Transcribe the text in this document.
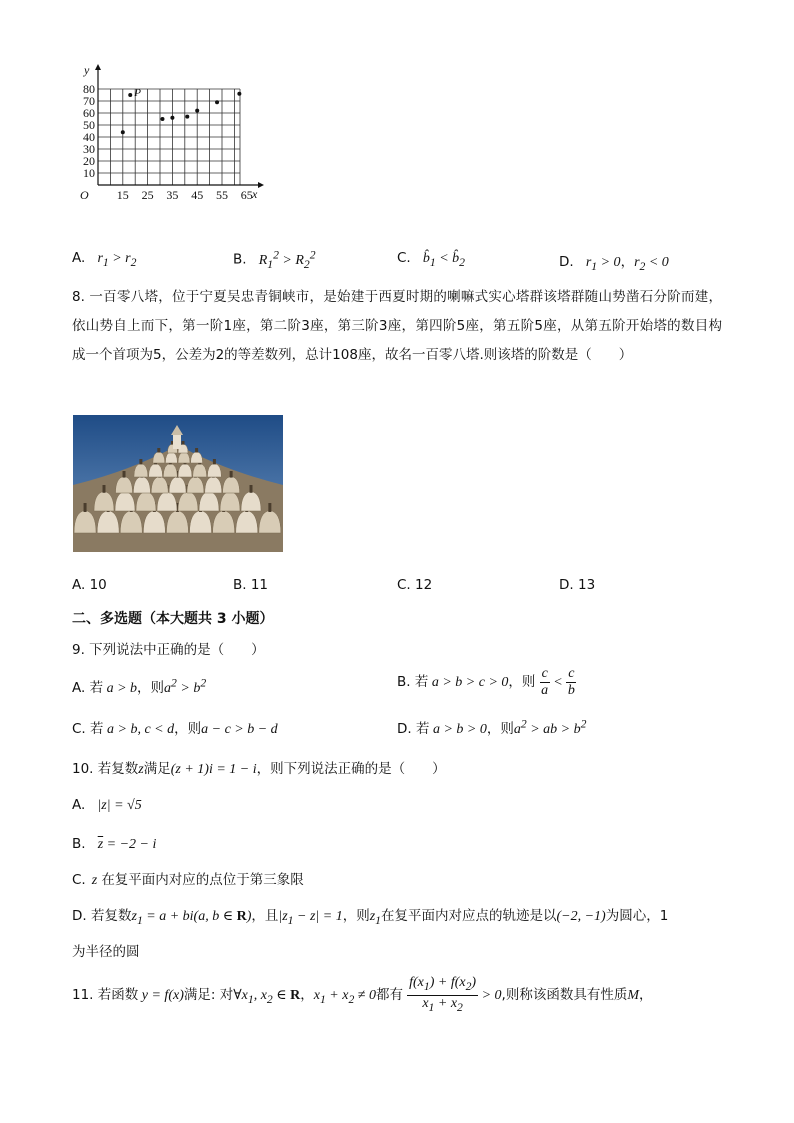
10
20
30
40
50
60
70
80
15 25 35 45 55 65 x
y
O
P
A. $r_1 > r_2$	B. $R_1^2 > R_2^2$	C. $b̂_1$ < $b̂_2$	D. $r_1 > 0$，$r_2 < 0$
8. 一百零八塔，位于宁夏吴忠青铜峡市，是始建于西夏时期的喇嘛式实心塔群该塔群随山势凿石分阶而建，依山势自上而下，第一阶1座，第二阶3座，第三阶3座，第四阶5座，第五阶5座，从第五阶开始塔的数目构成一个首项为5，公差为2的等差数列，总计108座，故名一百零八塔.则该塔的阶数是（　　）
A. 10	B. 11	C. 12	D. 13
二、多选题（本大题共 3 小题）
9. 下列说法中正确的是（　　）
A. 若 a > b，则$a^2 > b^2$	B. 若 a > b > c > 0，则 $\frac{c}{a} < \frac{c}{b}$
C. 若 a > b, c < d，则a − c > b − d	D. 若 a > b > 0，则$a^2$ > ab > $b^2$
10. 若复数z满足(z + 1)i = 1 − i，则下列说法正确的是（　　）
A. |z| = √5
B. $\overline{z} = -2 - i$
C. z 在复平面内对应的点位于第三象限
D. 若复数$z_1 = a + bi(a$, b ∈ R)，且$|z_1 - z| = 1$，则$z_1$在复平面内对应点的轨迹是以(−2, −1)为圆心，1
为半径的圆
11. 若函数 y = f(x)满足: 对$\forall x_1$, $x_2$ ∈ R，$x_1 + x_2 \ne 0$都有 $\frac{f(x_1) + f(x_2)}{x_1 + x_2} > 0$,则称该函数具有性质M，
